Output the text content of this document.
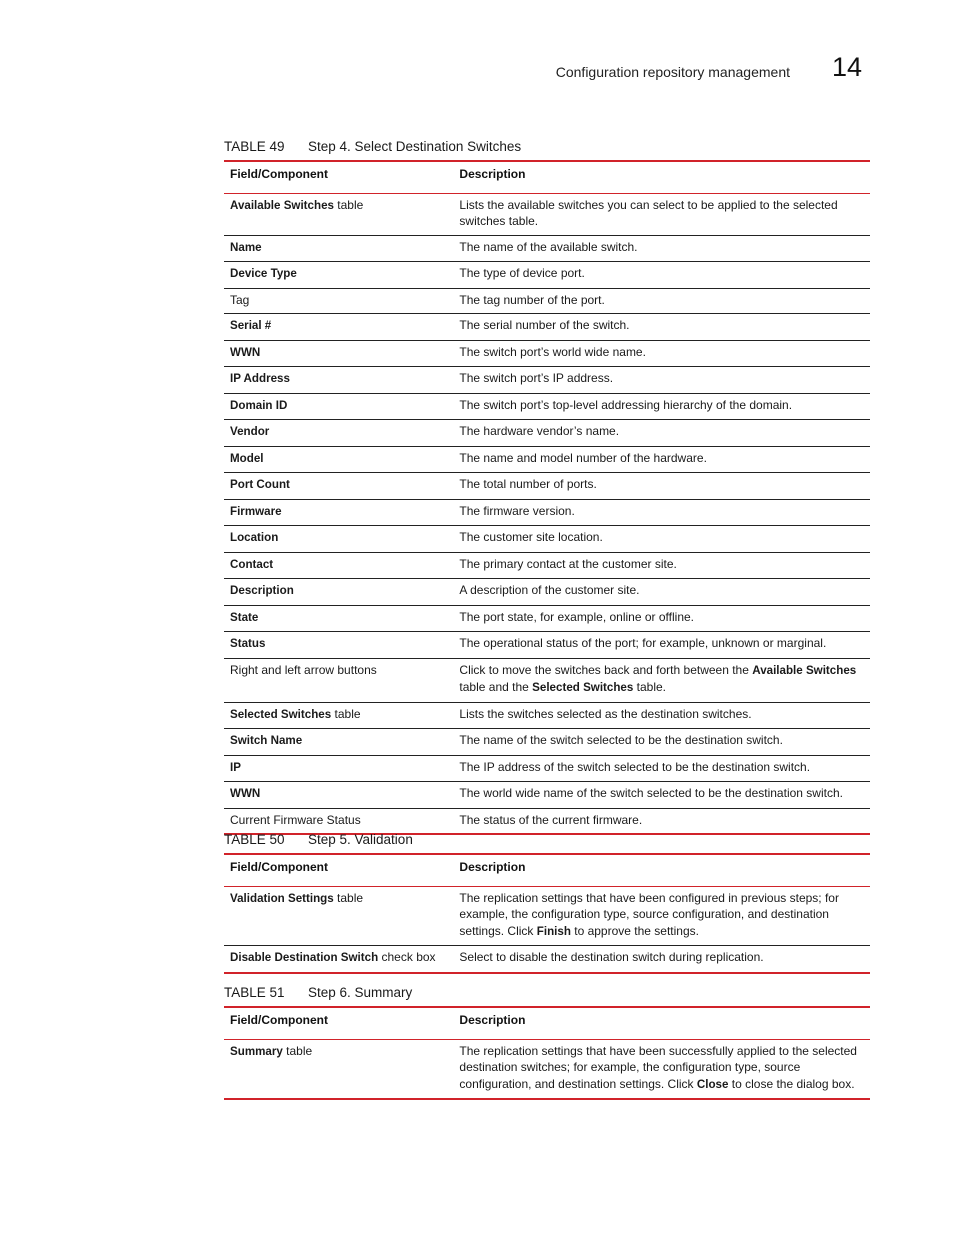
Configuration repository management 14
TABLE 49 Step 4. Select Destination Switches
Field/Component	Description
Available Switches table	Lists the available switches you can select to be applied to the selected switches table.
Name	The name of the available switch.
Device Type	The type of device port.
Tag	The tag number of the port.
Serial #	The serial number of the switch.
WWN	The switch port’s world wide name.
IP Address	The switch port’s IP address.
Domain ID	The switch port’s top-level addressing hierarchy of the domain.
Vendor	The hardware vendor’s name.
Model	The name and model number of the hardware.
Port Count	The total number of ports.
Firmware	The firmware version.
Location	The customer site location.
Contact	The primary contact at the customer site.
Description	A description of the customer site.
State	The port state, for example, online or offline.
Status	The operational status of the port; for example, unknown or marginal.
Right and left arrow buttons	Click to move the switches back and forth between the Available Switches table and the Selected Switches table.
Selected Switches table	Lists the switches selected as the destination switches.
Switch Name	The name of the switch selected to be the destination switch.
IP	The IP address of the switch selected to be the destination switch.
WWN	The world wide name of the switch selected to be the destination switch.
Current Firmware Status	The status of the current firmware.
TABLE 50 Step 5. Validation
Field/Component	Description
Validation Settings table	The replication settings that have been configured in previous steps; for example, the configuration type, source configuration, and destination settings. Click Finish to approve the settings.
Disable Destination Switch check box	Select to disable the destination switch during replication.
TABLE 51 Step 6. Summary
Field/Component	Description
Summary table	The replication settings that have been successfully applied to the selected destination switches; for example, the configuration type, source configuration, and destination settings. Click Close to close the dialog box.
